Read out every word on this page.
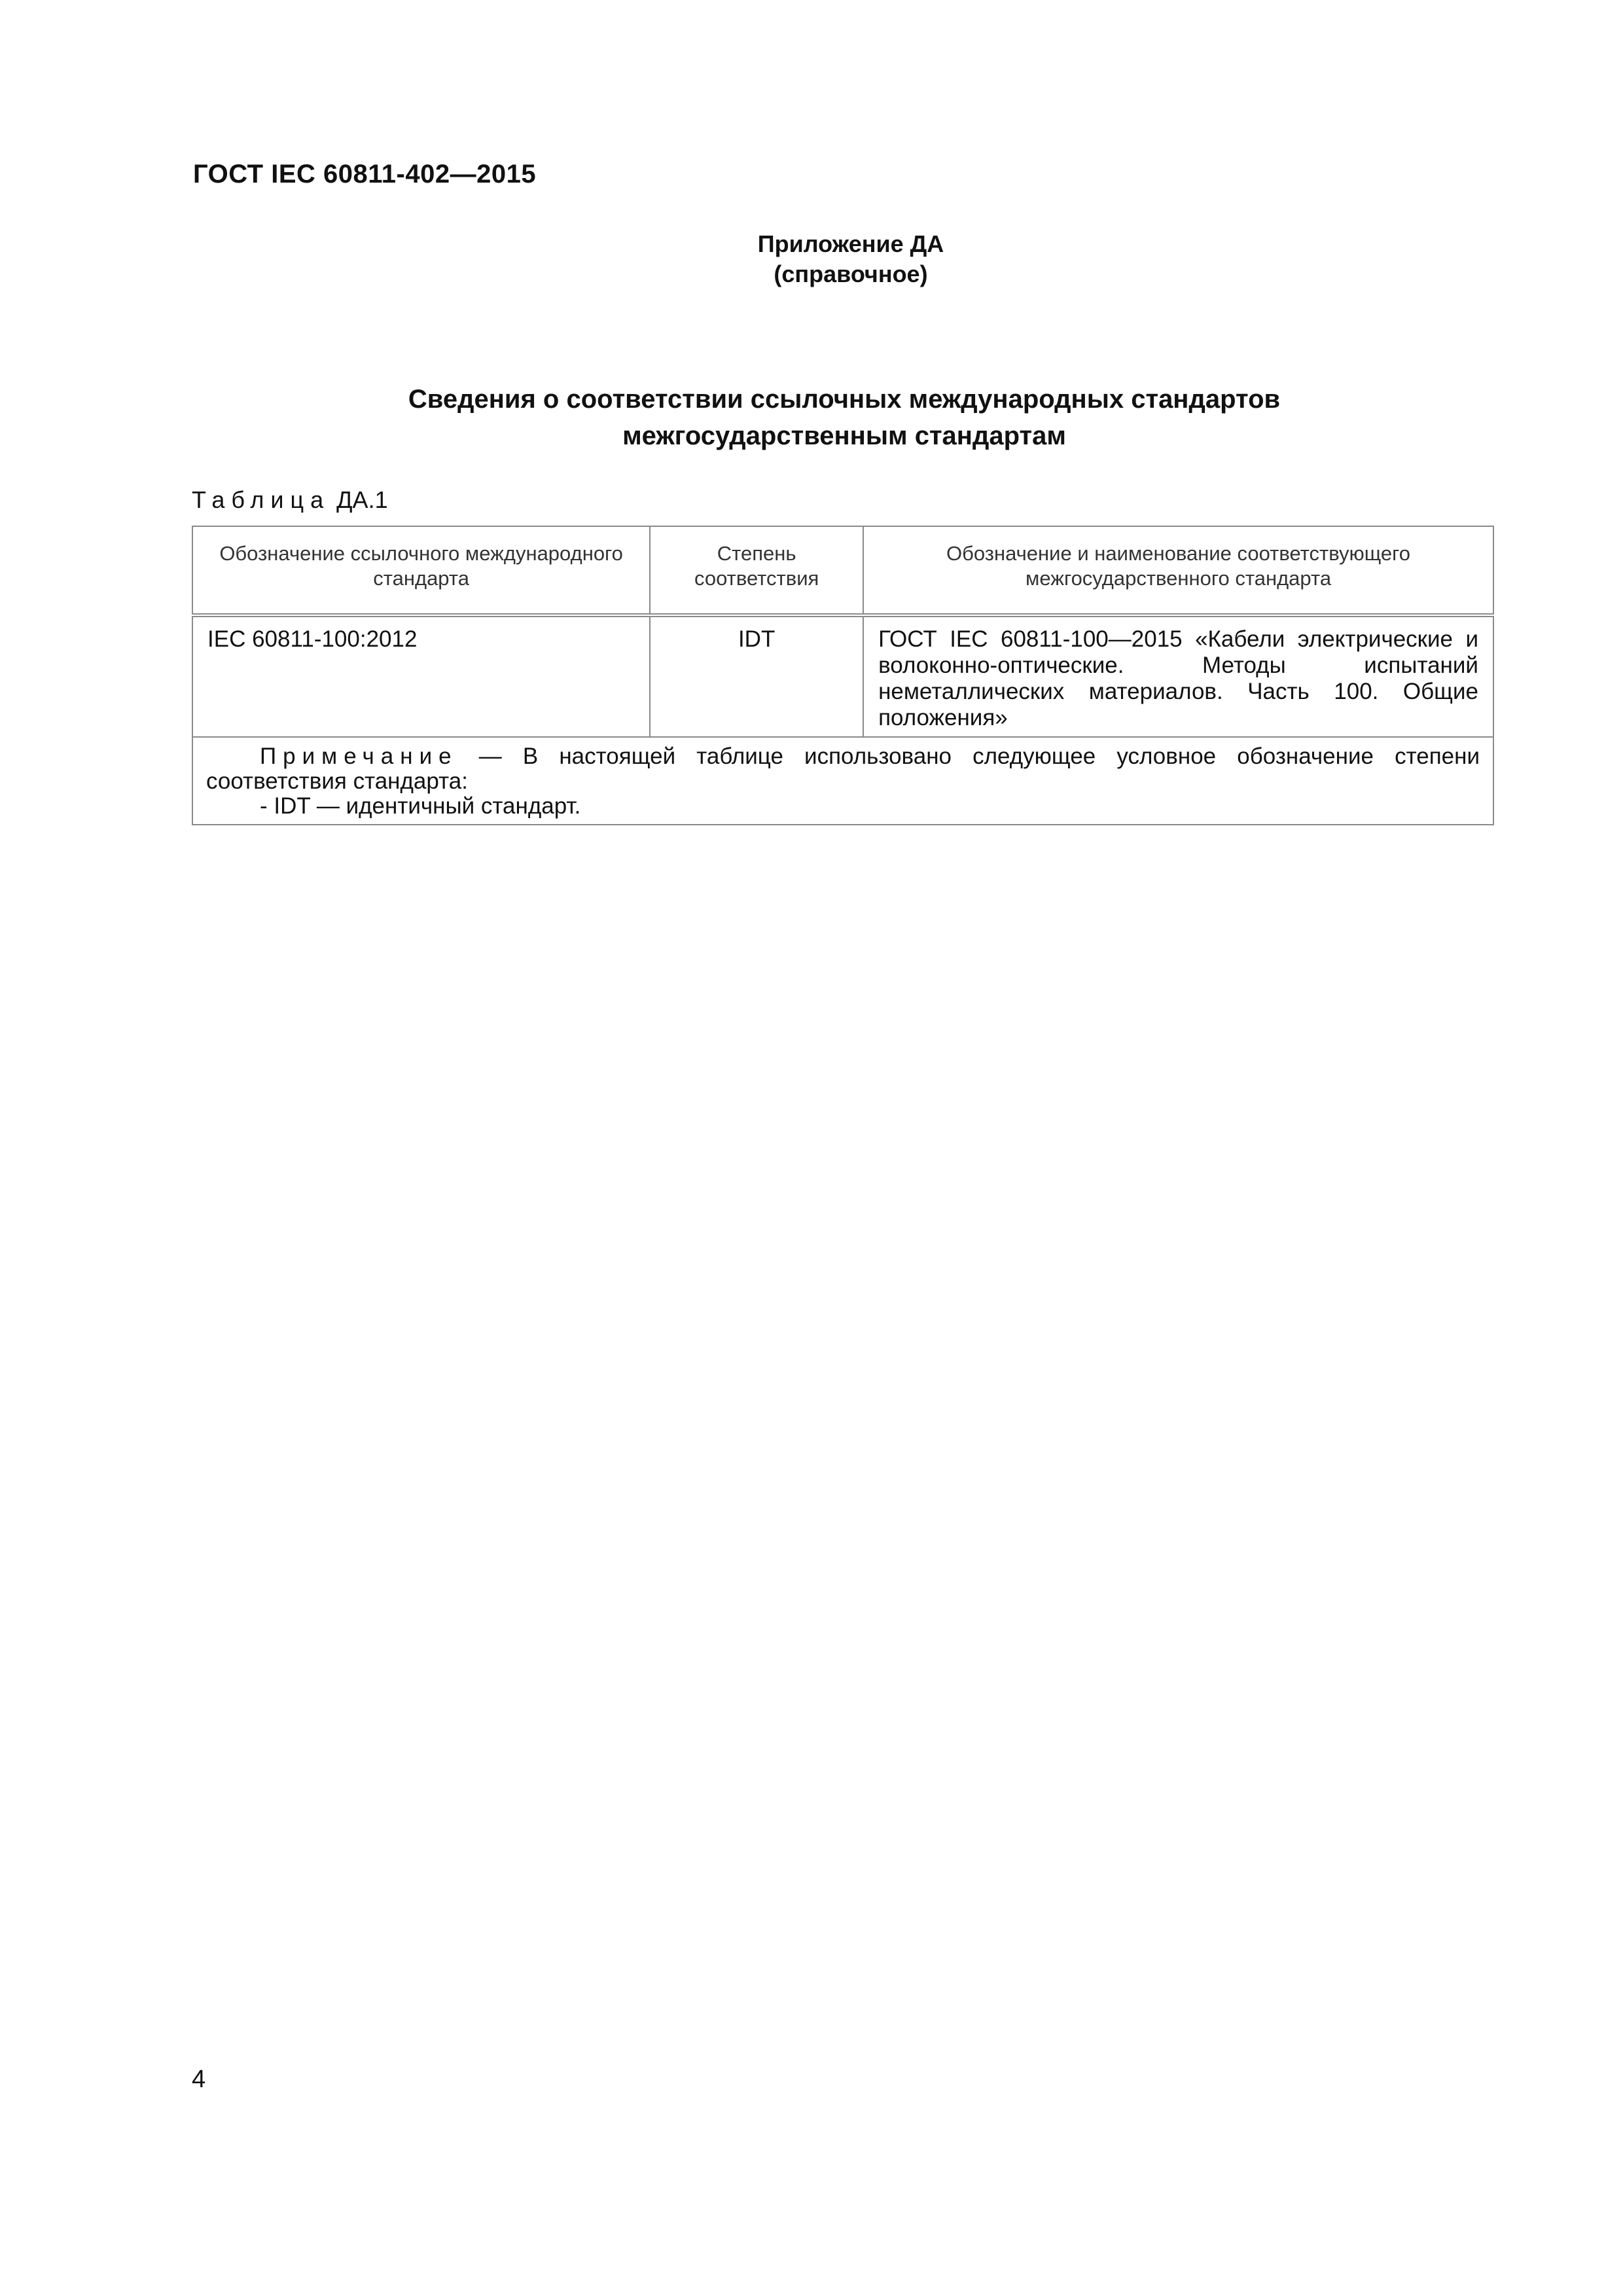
ГОСТ IEC 60811-402—2015
Приложение ДА
(справочное)
Сведения о соответствии ссылочных международных стандартов
межгосударственным стандартам
Таблица ДА.1
Обозначение ссылочного международного стандарта	Степень соответствия	Обозначение и наименование соответствующего межгосударственного стандарта
IEC 60811-100:2012	IDT	ГОСТ IEC 60811-100—2015 «Кабели электрические и волоконно-оптические. Методы испытаний неметаллических материалов. Часть 100. Общие положения»

Примечание — В настоящей таблице использовано следующее условное обозначение степени соответствия стандарта:
- IDT — идентичный стандарт.		
4
